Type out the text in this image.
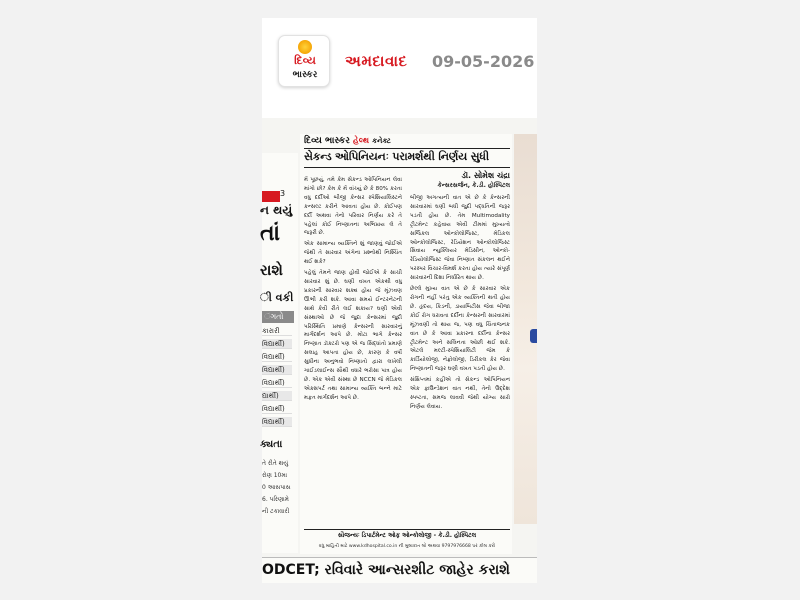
દિવ્ય
ભાસ્કર
અમદાવાદ 09-05-2026
3
ન થયું
તાં
રાશે
ી વકી
ંગતો
કારારી
વિદ્યાર્થી)
વિદ્યાર્થી)
વિદ્યાર્થી)
વિદ્યાર્થી)
દ્યાર્થી)
વિદ્યાર્થી)
વિદ્યાર્થી)
ક્યતા
તે રીતે થયું
રોણ 10મા
0 આસપાસ
6. પરિણામે
ની ટકાવારી
દિવ્ય ભાસ્કર હેલ્થ કનેક્ટ
સેકન્ડ ઓપિનિયનઃ પરામર્શથી નિર્ણય સુધી
ડૉ. સોમેશ ચંદ્રા
કેન્સરસર્જન, કે.ડી. હોસ્પિટલ

મેં પૂછયું, તમે કેમ સેકન્ડ ઓપિનિયન લેવા માંગો છો? કેમ કે મેં વાંચ્યું છે કે 80% કરતા વધુ દર્દીઓ બીજી કેન્સર સ્પેશિયાલિસ્ટને કન્સલ્ટ કરીને આવતા હોય છે. કોઈપણ દર્દી અથવા તેનો પરિવાર નિર્ણય કરે તે પહેલાં કોઈ નિષ્ણાતના અભિપ્રાય લે તે જરૂરી છે.

એક સામાન્ય વ્યક્તિને શું જાણવું જોઈએ જેથી તે સારવાર અંગેના પ્રશ્નોથી નિશ્ચિંત થઈ શકે?

પહેલું તેમને જાણ હોવી જોઈએ કે સાચી સારવાર શું છે. ઘણી વખત એકથી વધુ પ્રકારની સારવાર શક્ય હોય જે મૂંઝવણ ઊભી કરી શકે. આવા સમયે ઈન્ટરનેટની સાથે કેવી રીતે લઈ શકાય? ઘણી એવી સંસ્થાઓ છે જે જુદા કેન્સરમાં જુદી પરિસ્થિતિ પ્રમાણે કેન્સરની સારવારનું માર્ગદર્શન આપે છે. મોટા ભાગે કેન્સર નિષ્ણાત ડૉક્ટરો પણ એ જ સિદ્ધાંતો પ્રમાણે સલાહ આપતા હોય છે, કારણ કે વર્ષો સુધીના અનુભવો નિષ્ણાતો દ્વારા લખેલી ગાઈડલાઈન્સ સૌથી વધારે ભરોસા પાત્ર હોય છે. એક એવી સંસ્થા છે NCCN જે મેડિકલ એક્સપર્ટ તથા સામાન્ય વ્યક્તિ બન્ને માટે મફત માર્ગદર્શન આપે છે.

બીજી અગત્યની વાત એ છે કે કેન્સરની સારવારમાં ઘણી બધી જુદી પદ્ધતિની જરૂર પડતી હોય છે. તેમ Multimodality ટ્રીટમેન્ટ કહેવાય એવી ટીમમાં મુખ્યત્વે સર્જિકલ ઓન્કોલોજિસ્ટ, મેડિકલ ઓન્કોલોજિસ્ટ, રેડિયેશન ઓન્કોલોજિસ્ટ સિવાય ન્યુક્લિયર મેડિસીન, ઓન્કો-રેડિયોલોજિસ્ટ જેવા નિષ્ણાત સંકલન થઈને પરસ્પર વિચાર-વિમર્શ કરતા હોય ત્યારે સંપૂર્ણ સારવારની દિશા નિર્ધારિત થાય છે.

છેલ્લે મુખ્ય વાત એ છે કે સારવાર એક રોગની નહીં પરંતુ એક વ્યક્તિની થતી હોય છે. હૃદય, કિડની, ડાયાબિટીસ જેવા બીજા કોઈ રોગ ધરાવતા દર્દીના કેન્સરની સારવારમાં મૂંઝવણી તો થાય જ, પણ વધુ ચિંતાજનક વાત છે કે આવા પ્રકારના દર્દીના કેન્સર ટ્રીટમેન્ટ અને સલિનતા ઓછી થઈ શકે. એટલે મલ્ટી-સ્પેશિયાલિટી જેમ કે કાર્ડિયોલોજી, નેફ્રોલોજી, ડિરીકલ કેર જેવા નિષ્ણાતની જરૂર ઘણી વખત પડતી હોય છે.

સંક્ષિપ્તમાં કહીએ તો સેકન્ડ ઓપિનિયન એક ફાઉન્ડેશન વાત નથી, તેનો ઉદ્દેશ સ્પષ્ટતા, સમજ લાવવી જેથી યોગ્ય સારો નિર્ણય લેવાય.

સૌજન્યઃ ડિપાર્ટમેન્ટ ઓફ ઓન્કોલોજી - કે.ડી. હોસ્પિટલ
વધુ માહિતી માટે www.kdhospital.co.in ની મુલાકાત લો અથવા 9797976668 પર કૉલ કરો
ODCET; રવિવારે આન્સરશીટ જાહેર કરાશે
